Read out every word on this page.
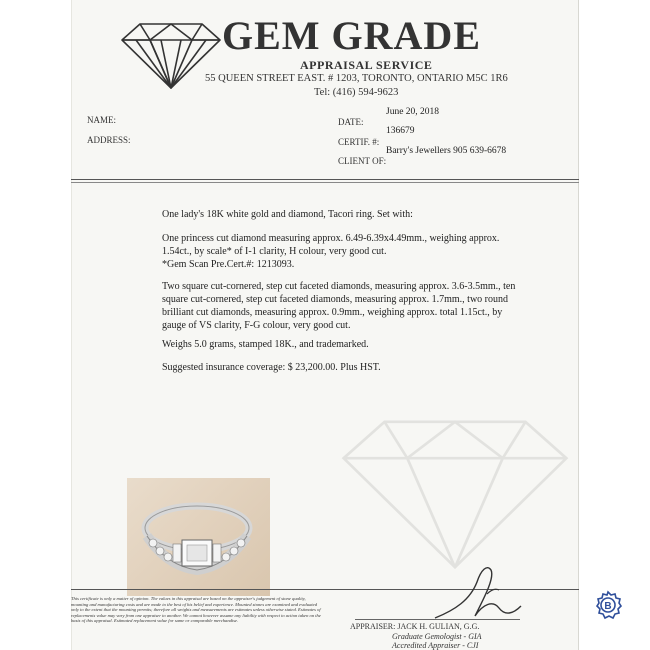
GEM GRADE
APPRAISAL SERVICE
55 QUEEN STREET EAST. # 1203, TORONTO, ONTARIO M5C 1R6
Tel: (416) 594-9623
NAME:
ADDRESS:
DATE:
CERTIF. #:
CLIENT OF:
June 20, 2018
136679
Barry's Jewellers 905 639-6678

One lady's 18K white gold and diamond, Tacori ring. Set with:

One princess cut diamond measuring approx. 6.49-6.39x4.49mm., weighing approx. 1.54ct., by scale* of I-1 clarity, H colour, very good cut.

*Gem Scan Pre.Cert.#: 1213093.

Two square cut-cornered, step cut faceted diamonds, measuring approx. 3.6-3.5mm., ten square cut-cornered, step cut faceted diamonds, measuring approx. 1.7mm., two round brilliant cut diamonds, measuring approx. 0.9mm., weighing approx. total 1.15ct., by gauge of VS clarity, F-G colour, very good cut.

Weighs 5.0 grams, stamped 18K., and trademarked.

Suggested insurance coverage: $ 23,200.00. Plus HST.

This certificate is only a matter of opinion. The values in this appraisal are based on the appraiser's judgement of stone quality, mounting and manufacturing costs and are made to the best of his belief and experience. Mounted stones are examined and evaluated only to the extent that the mounting permits; therefore all weights and measurements are estimates unless otherwise stated. Estimates of replacements value may vary from one appraiser to another. We cannot however assume any liability with respect to action taken on the basis of this appraisal. Estimated replacement value for same or comparable merchandise.

APPRAISER: JACK H. GULIAN, G.G.
Graduate Gemologist - GIA
Accredited Appraiser - CJI
B
